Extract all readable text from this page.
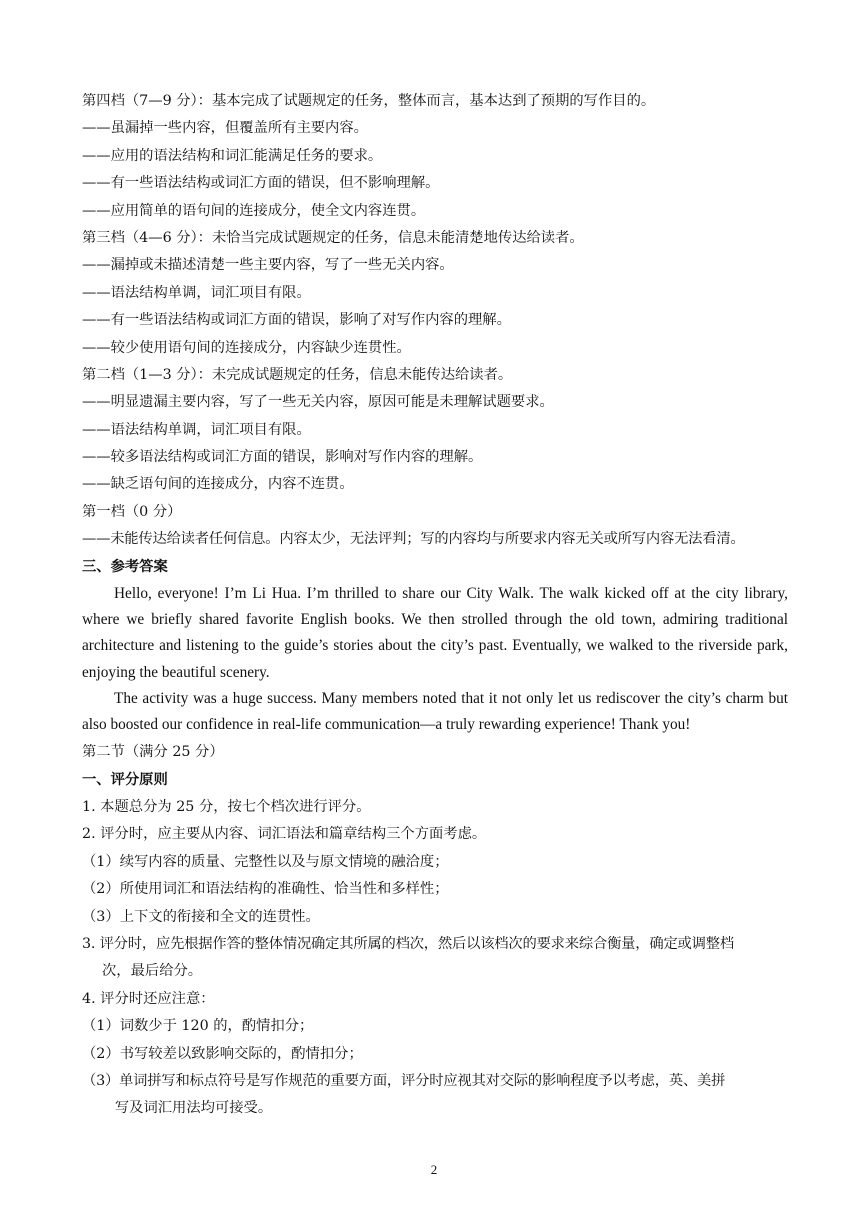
第四档（7—9 分）：基本完成了试题规定的任务，整体而言，基本达到了预期的写作目的。
——虽漏掉一些内容，但覆盖所有主要内容。
——应用的语法结构和词汇能满足任务的要求。
——有一些语法结构或词汇方面的错误，但不影响理解。
——应用简单的语句间的连接成分，使全文内容连贯。
第三档（4—6 分）：未恰当完成试题规定的任务，信息未能清楚地传达给读者。
——漏掉或未描述清楚一些主要内容，写了一些无关内容。
——语法结构单调，词汇项目有限。
——有一些语法结构或词汇方面的错误，影响了对写作内容的理解。
——较少使用语句间的连接成分，内容缺少连贯性。
第二档（1—3 分）：未完成试题规定的任务，信息未能传达给读者。
——明显遗漏主要内容，写了一些无关内容，原因可能是未理解试题要求。
——语法结构单调，词汇项目有限。
——较多语法结构或词汇方面的错误，影响对写作内容的理解。
——缺乏语句间的连接成分，内容不连贯。
第一档（0 分）
——未能传达给读者任何信息。内容太少，无法评判；写的内容均与所要求内容无关或所写内容无法看清。
三、参考答案

Hello, everyone! I’m Li Hua. I’m thrilled to share our City Walk. The walk kicked off at the city library, where we briefly shared favorite English books. We then strolled through the old town, admiring traditional architecture and listening to the guide’s stories about the city’s past. Eventually, we walked to the riverside park, enjoying the beautiful scenery.

The activity was a huge success. Many members noted that it not only let us rediscover the city’s charm but also boosted our confidence in real-life communication—a truly rewarding experience! Thank you!

第二节（满分 25 分）
一、评分原则
1. 本题总分为 25 分，按七个档次进行评分。
2. 评分时，应主要从内容、词汇语法和篇章结构三个方面考虑。
（1）续写内容的质量、完整性以及与原文情境的融洽度；
（2）所使用词汇和语法结构的准确性、恰当性和多样性；
（3）上下文的衔接和全文的连贯性。
3. 评分时，应先根据作答的整体情况确定其所属的档次，然后以该档次的要求来综合衡量，确定或调整档
次，最后给分。
4. 评分时还应注意：
（1）词数少于 120 的，酌情扣分；
（2）书写较差以致影响交际的，酌情扣分；
（3）单词拼写和标点符号是写作规范的重要方面，评分时应视其对交际的影响程度予以考虑，英、美拼
写及词汇用法均可接受。
2
